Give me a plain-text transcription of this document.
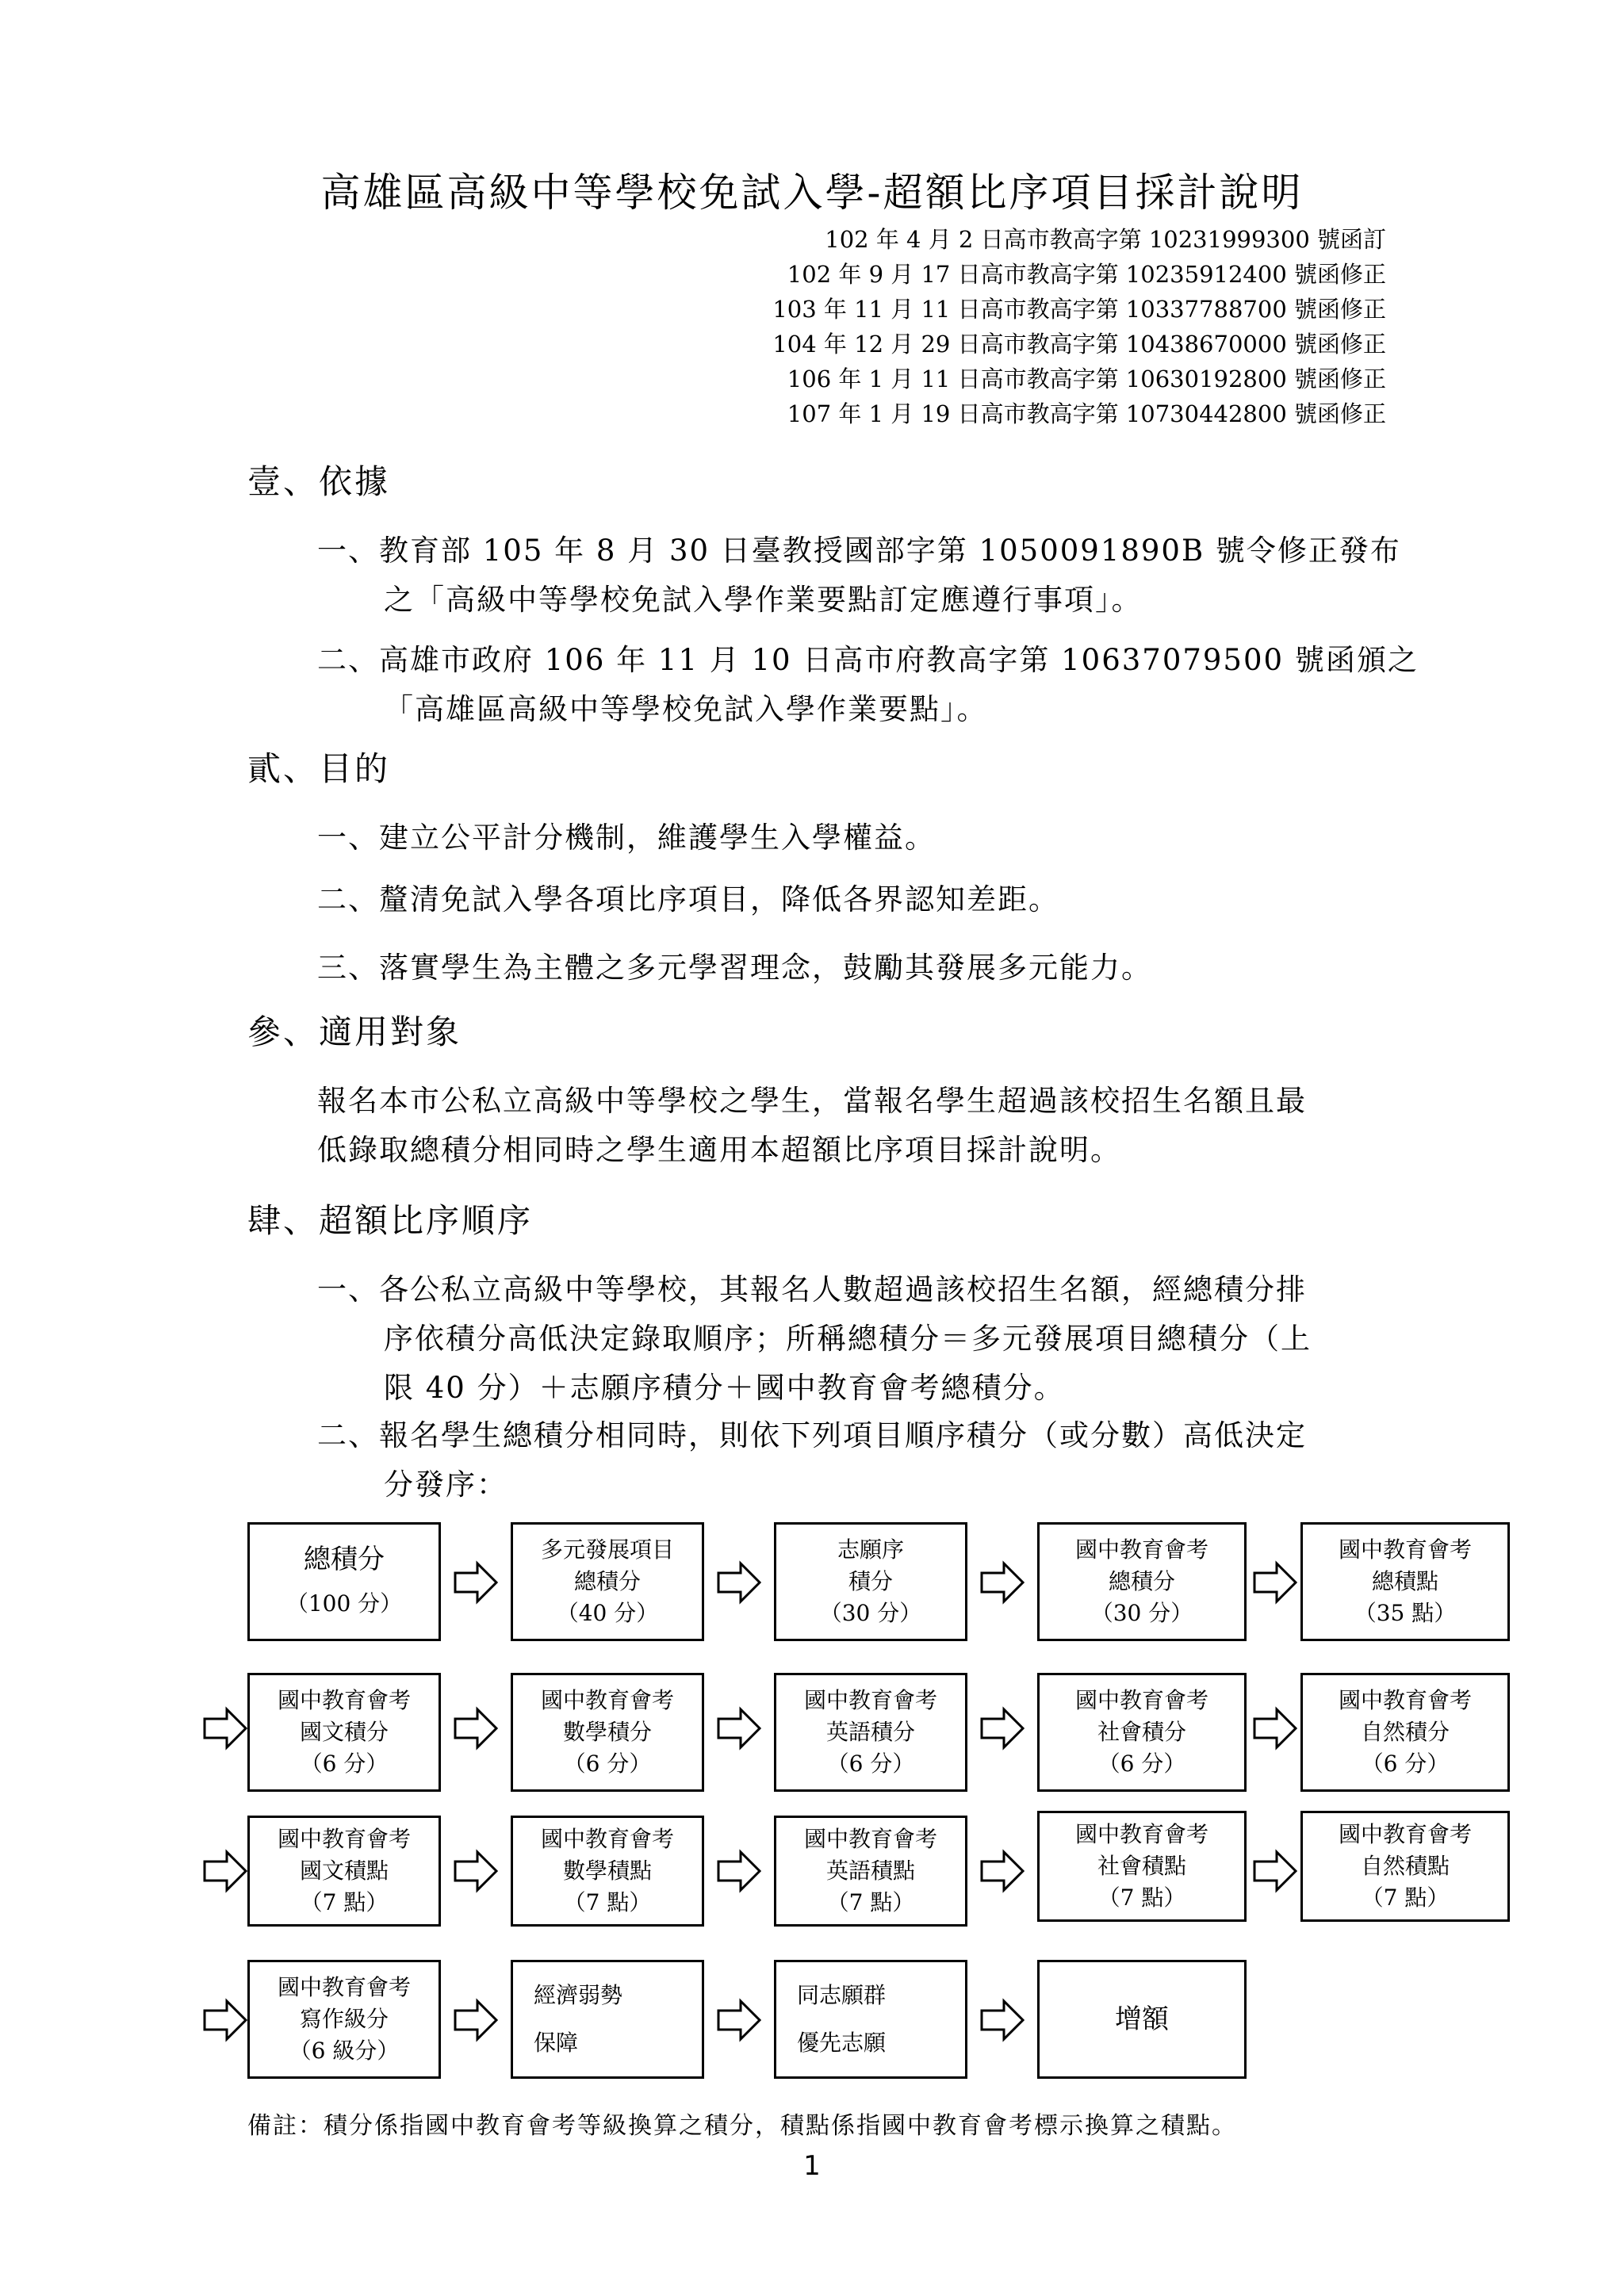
高雄區高級中等學校免試入學-超額比序項目採計說明
102 年 4 月 2 日高市教高字第 10231999300 號函訂
102 年 9 月 17 日高市教高字第 10235912400 號函修正
103 年 11 月 11 日高市教高字第 10337788700 號函修正
104 年 12 月 29 日高市教高字第 10438670000 號函修正
106 年 1 月 11 日高市教高字第 10630192800 號函修正
107 年 1 月 19 日高市教高字第 10730442800 號函修正
壹、依據
一、教育部 105 年 8 月 30 日臺教授國部字第 1050091890B 號令修正發布
之「高級中等學校免試入學作業要點訂定應遵行事項」。
二、高雄市政府 106 年 11 月 10 日高市府教高字第 10637079500 號函頒之
「高雄區高級中等學校免試入學作業要點」。
貳、目的
一、建立公平計分機制，維護學生入學權益。
二、釐清免試入學各項比序項目，降低各界認知差距。
三、落實學生為主體之多元學習理念，鼓勵其發展多元能力。
參、適用對象
報名本市公私立高級中等學校之學生，當報名學生超過該校招生名額且最
低錄取總積分相同時之學生適用本超額比序項目採計說明。
肆、超額比序順序
一、各公私立高級中等學校，其報名人數超過該校招生名額，經總積分排
序依積分高低決定錄取順序；所稱總積分＝多元發展項目總積分（上
限 40 分）＋志願序積分＋國中教育會考總積分。
二、報名學生總積分相同時，則依下列項目順序積分（或分數）高低決定
分發序：
總積分
（100 分）
多元發展項目
總積分
（40 分）
志願序
積分
（30 分）
國中教育會考
總積分
（30 分）
國中教育會考
總積點
（35 點）
國中教育會考
國文積分
（6 分）
國中教育會考
數學積分
（6 分）
國中教育會考
英語積分
（6 分）
國中教育會考
社會積分
（6 分）
國中教育會考
自然積分
（6 分）
國中教育會考
國文積點
（7 點）
國中教育會考
數學積點
（7 點）
國中教育會考
英語積點
（7 點）
國中教育會考
社會積點
（7 點）
國中教育會考
自然積點
（7 點）
國中教育會考
寫作級分
（6 級分）
經濟弱勢
保障
同志願群
優先志願
增額
備註：積分係指國中教育會考等級換算之積分，積點係指國中教育會考標示換算之積點。
1
